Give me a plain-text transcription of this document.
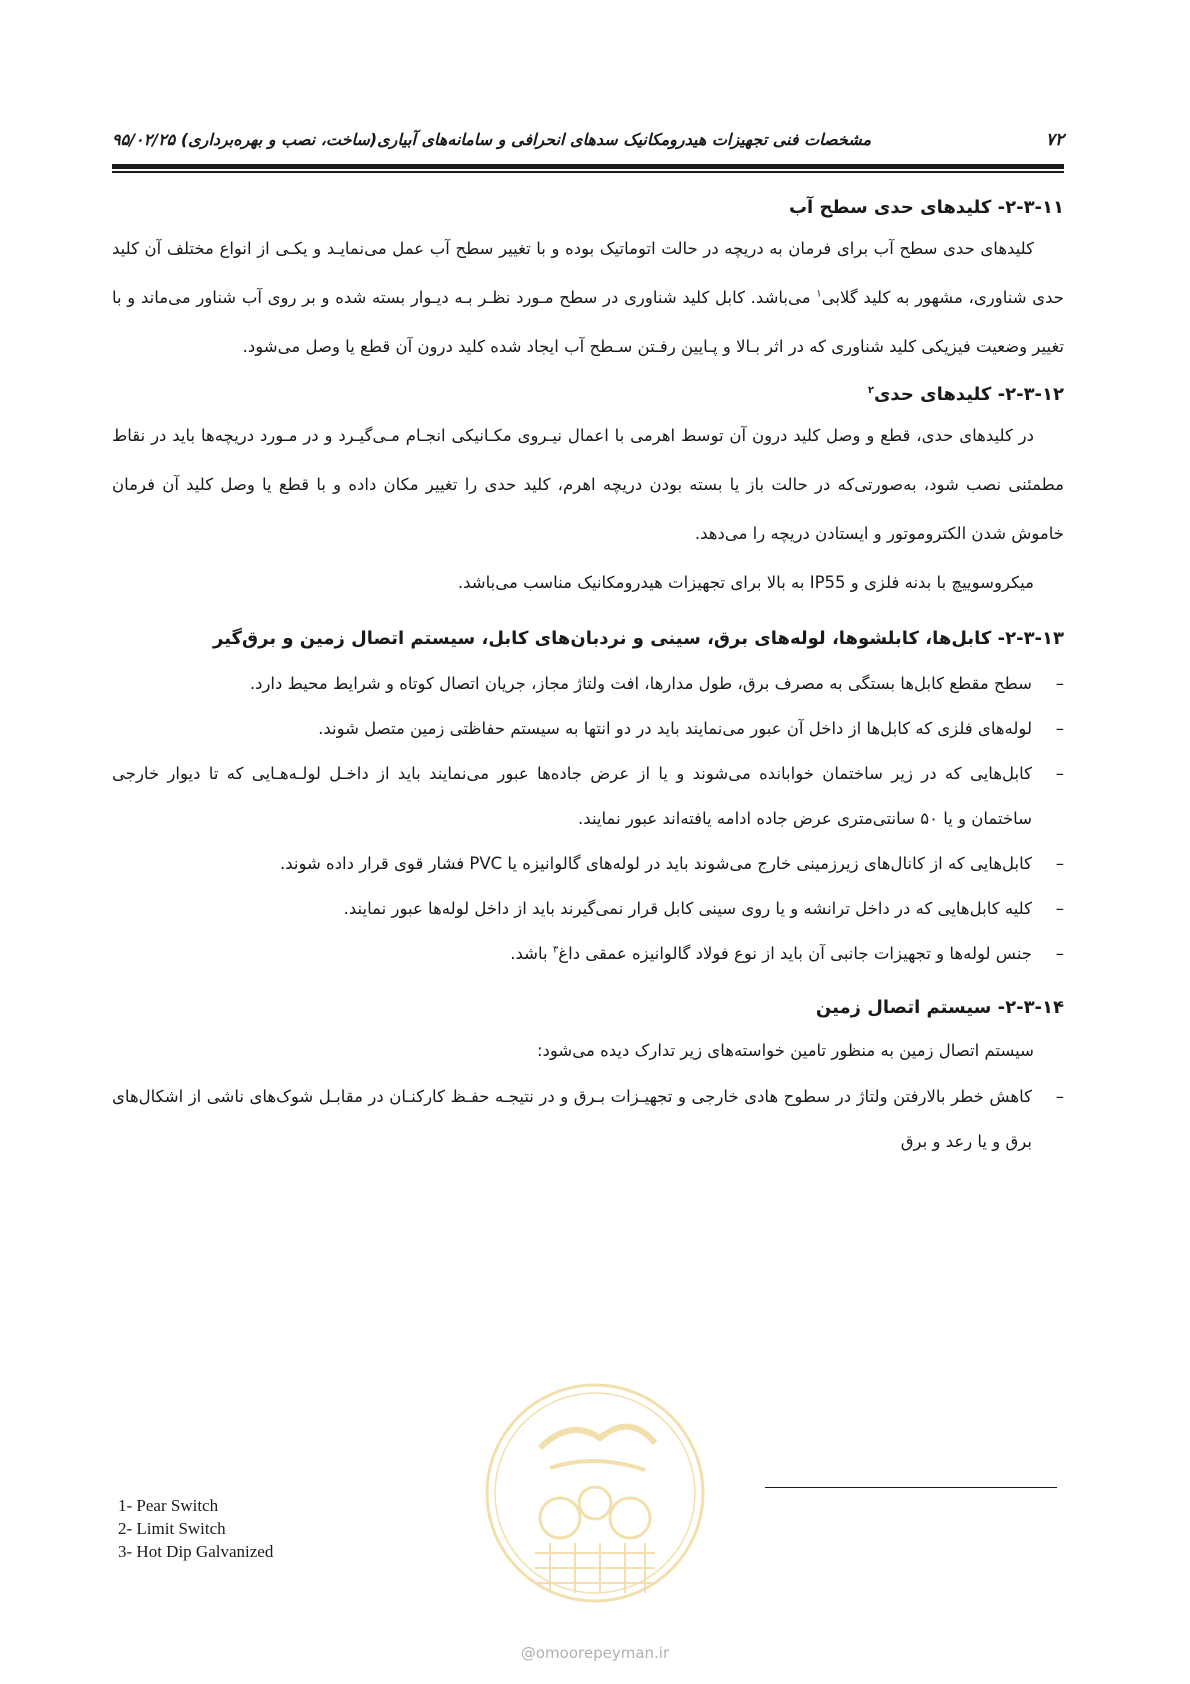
۷۲
مشخصات فنی تجهیزات هیدرومکانیک سدهای انحرافی و سامانه‌های آبیاری(ساخت، نصب و بهره‌برداری) ۹۵/۰۲/۲۵
۲-۳-۱۱- کلیدهای حدی سطح آب

کلیدهای حدی سطح آب برای فرمان به دریچه در حالت اتوماتیک بوده و با تغییر سطح آب عمل می‌نمایـد و یکـی از انواع مختلف آن کلید حدی شناوری، مشهور به کلید گلابی$^۱$ می‌باشد. کابل کلید شناوری در سطح مـورد نظـر بـه دیـوار بسته شده و بر روی آب شناور می‌ماند و با تغییر وضعیت فیزیکی کلید شناوری که در اثر بـالا و پـایین رفـتن سـطح آب ایجاد شده کلید درون آن قطع یا وصل می‌شود.

۲-۳-۱۲- کلیدهای حدی$^۲$

در کلیدهای حدی، قطع و وصل کلید درون آن توسط اهرمی با اعمال نیـروی مکـانیکی انجـام مـی‌گیـرد و در مـورد دریچه‌ها باید در نقاط مطمئنی نصب شود، به‌صورتی‌که در حالت باز یا بسته بودن دریچه اهرم، کلید حدی را تغییر مکان داده و با قطع یا وصل کلید آن فرمان خاموش شدن الکتروموتور و ایستادن دریچه را می‌دهد.

میکروسوییچ با بدنه فلزی و IP55 به بالا برای تجهیزات هیدرومکانیک مناسب می‌باشد.

۲-۳-۱۳- کابل‌ها، کابلشوها، لوله‌های برق، سینی و نردبان‌های کابل، سیستم اتصال زمین و برق‌گیر
–
سطح مقطع کابل‌ها بستگی به مصرف برق، طول مدارها، افت ولتاژ مجاز، جریان اتصال کوتاه و شرایط محیط دارد.
–
لوله‌های فلزی که کابل‌ها از داخل آن عبور می‌نمایند باید در دو انتها به سیستم حفاظتی زمین متصل شوند.
–
کابل‌هایی که در زیر ساختمان خوابانده می‌شوند و یا از عرض جاده‌ها عبور می‌نمایند باید از داخـل لولـه‌هـایی که تا دیوار خارجی ساختمان و یا ۵۰ سانتی‌متری عرض جاده ادامه یافته‌اند عبور نمایند.
–
کابل‌هایی که از کانال‌های زیرزمینی خارج می‌شوند باید در لوله‌های گالوانیزه یا PVC فشار قوی قرار داده شوند.
–
کلیه کابل‌هایی که در داخل ترانشه و یا روی سینی کابل قرار نمی‌گیرند باید از داخل لوله‌ها عبور نمایند.
–
جنس لوله‌ها و تجهیزات جانبی آن باید از نوع فولاد گالوانیزه عمقی داغ$^۳$ باشد.
۲-۳-۱۴- سیستم اتصال زمین

سیستم اتصال زمین به منظور تامین خواسته‌های زیر تدارک دیده می‌شود:

–
کاهش خطر بالارفتن ولتاژ در سطوح هادی خارجی و تجهیـزات بـرق و در نتیجـه حفـظ کارکنـان در مقابـل شوک‌های ناشی از اشکال‌های برق و یا رعد و برق
@omoorepeyman.ir
1- Pear Switch
2- Limit Switch
3- Hot Dip Galvanized
